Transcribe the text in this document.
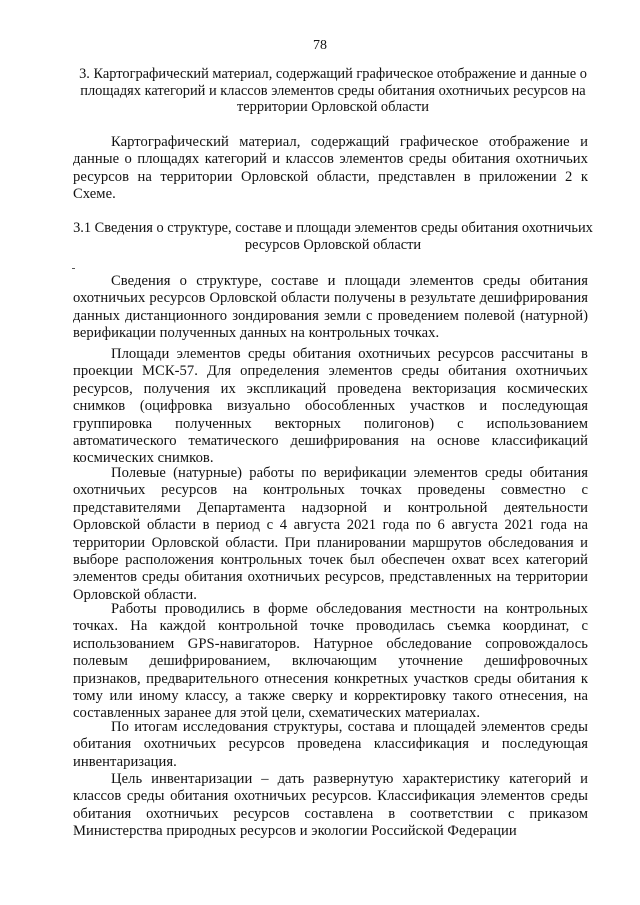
78
3. Картографический материал, содержащий графическое отображение и данные о площадях категорий и классов элементов среды обитания охотничьих ресурсов на территории Орловской области

Картографический материал, содержащий графическое отображение и данные о площадях категорий и классов элементов среды обитания охотничьих ресурсов на территории Орловской области, представлен в приложении 2 к Схеме.

3.1 Сведения о структуре, составе и площади элементов среды обитания охотничьих ресурсов Орловской области

Сведения о структуре, составе и площади элементов среды обитания охотничьих ресурсов Орловской области получены в результате дешифрирования данных дистанционного зондирования земли с проведением полевой (натурной) верификации полученных данных на контрольных точках.

Площади элементов среды обитания охотничьих ресурсов рассчитаны в проекции МСК-57. Для определения элементов среды обитания охотничьих ресурсов, получения их экспликаций проведена векторизация космических снимков (оцифровка визуально обособленных участков и последующая группировка полученных векторных полигонов) с использованием автоматического тематического дешифрирования на основе классификаций космических снимков.

Полевые (натурные) работы по верификации элементов среды обитания охотничьих ресурсов на контрольных точках проведены совместно с представителями Департамента надзорной и контрольной деятельности Орловской области в период с 4 августа 2021 года по 6 августа 2021 года на территории Орловской области. При планировании маршрутов обследования и выборе расположения контрольных точек был обеспечен охват всех категорий элементов среды обитания охотничьих ресурсов, представленных на территории Орловской области.

Работы проводились в форме обследования местности на контрольных точках. На каждой контрольной точке проводилась съемка координат, с использованием GPS-навигаторов. Натурное обследование сопровождалось полевым дешифрированием, включающим уточнение дешифровочных признаков, предварительного отнесения конкретных участков среды обитания к тому или иному классу, а также сверку и корректировку такого отнесения, на составленных заранее для этой цели, схематических материалах.

По итогам исследования структуры, состава и площадей элементов среды обитания охотничьих ресурсов проведена классификация и последующая инвентаризация.

Цель инвентаризации – дать развернутую характеристику категорий и классов среды обитания охотничьих ресурсов. Классификация элементов среды обитания охотничьих ресурсов составлена в соответствии с приказом Министерства природных ресурсов и экологии Российской Федерации
